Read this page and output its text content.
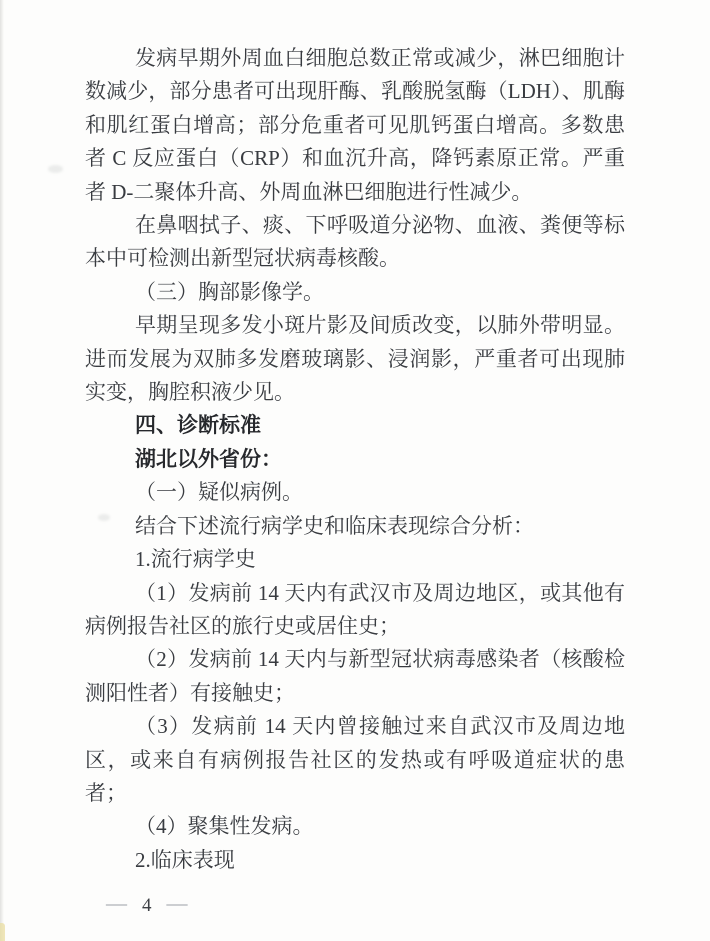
发病早期外周血白细胞总数正常或减少，淋巴细胞计数减少，部分患者可出现肝酶、乳酸脱氢酶（LDH）、肌酶和肌红蛋白增高；部分危重者可见肌钙蛋白增高。多数患者 C 反应蛋白（CRP）和血沉升高，降钙素原正常。严重者 D-二聚体升高、外周血淋巴细胞进行性减少。

在鼻咽拭子、痰、下呼吸道分泌物、血液、粪便等标本中可检测出新型冠状病毒核酸。

（三）胸部影像学。

早期呈现多发小斑片影及间质改变，以肺外带明显。进而发展为双肺多发磨玻璃影、浸润影，严重者可出现肺实变，胸腔积液少见。

四、诊断标准

湖北以外省份：

（一）疑似病例。

结合下述流行病学史和临床表现综合分析：

1.流行病学史

（1）发病前 14 天内有武汉市及周边地区，或其他有病例报告社区的旅行史或居住史；

（2）发病前 14 天内与新型冠状病毒感染者（核酸检测阳性者）有接触史；

（3）发病前 14 天内曾接触过来自武汉市及周边地区，或来自有病例报告社区的发热或有呼吸道症状的患者；

（4）聚集性发病。

2.临床表现

— 4 —
